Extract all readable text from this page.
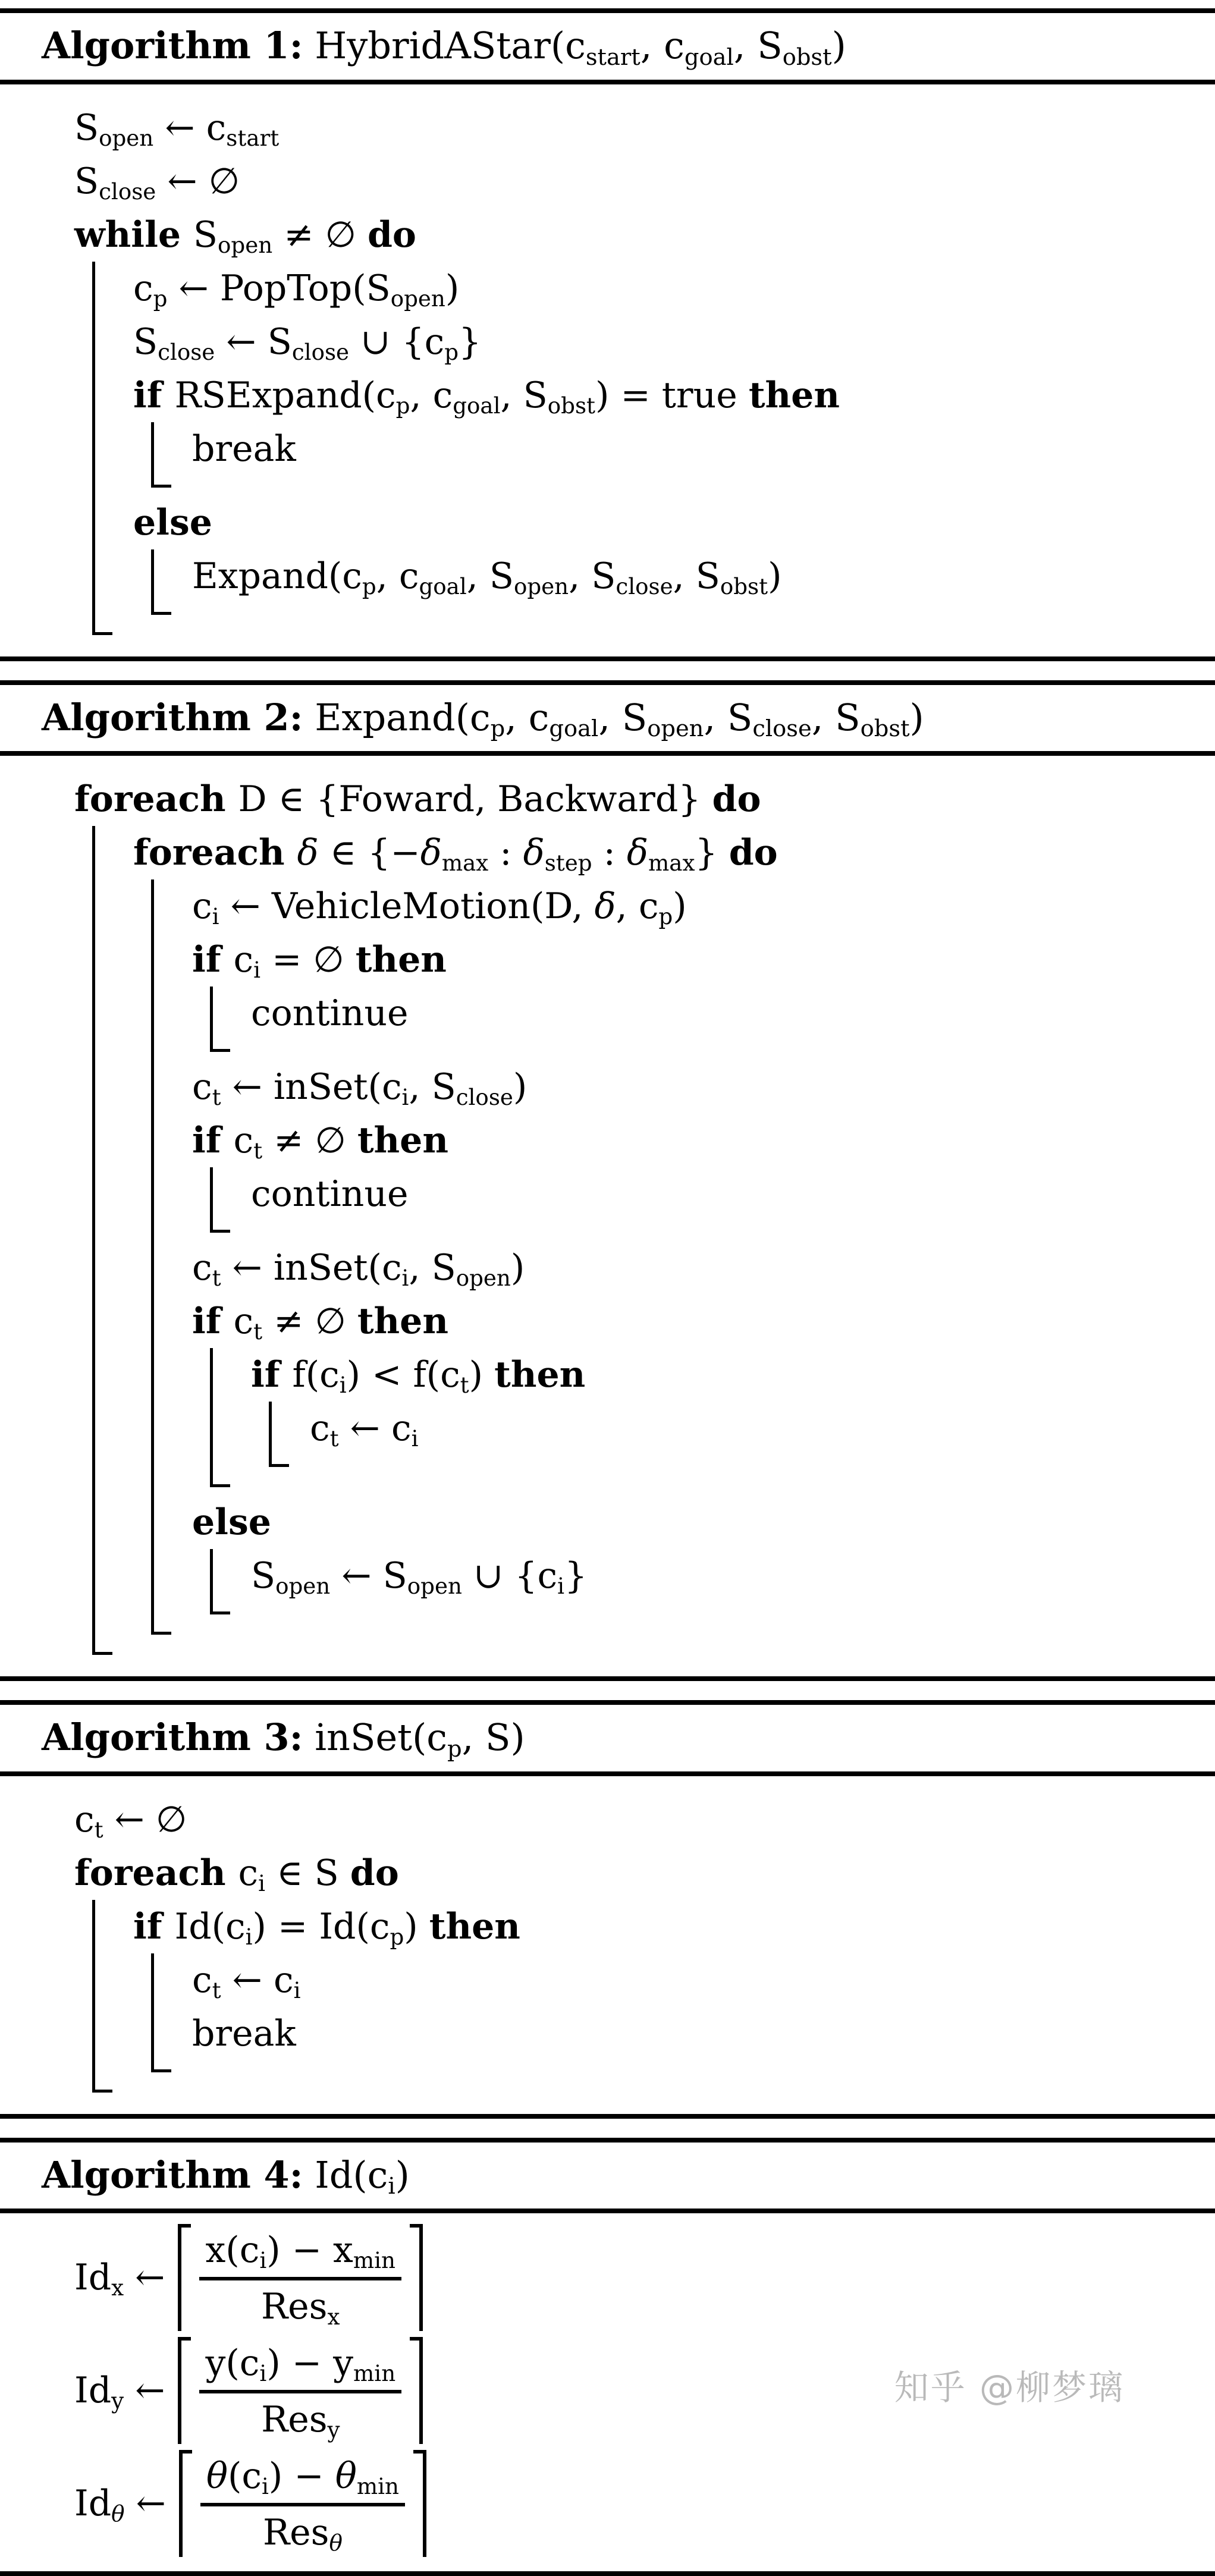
Algorithm 1: $HybridAStar(c_{start}$, $c_{goal}$, $S_{obst}$)
$S_{open}$ ← $c_{start}$
$S_{close}$ ← ∅
while $S_{open}$ ≠ ∅ do
$c_p$ ← $PopTop(S_{open})$
$S_{close}$ ← $S_{close}$ ∪ $\{c_p\}$
if $RSExpand(c_p$, $c_{goal}$, $S_{obst}$) = true then
break
else
$Expand(c_p$, $c_{goal}$, $S_{open}$, $S_{close}$, $S_{obst}$)
Algorithm 2: $Expand(c_p$, $c_{goal}$, $S_{open}$, $S_{close}$, $S_{obst}$)
foreach D ∈ {Foward, Backward} do
foreach δ ∈ {$-\delta_{max}$ : $\delta_{step}$ : $\delta_{max}$} do
$c_i$ ← VehicleMotion(D, δ, $c_p$)
if $c_i$ = ∅ then
continue
$c_t$ ← $inSet(c_i$, $S_{close}$)
if $c_t$ ≠ ∅ then
continue
$c_t$ ← $inSet(c_i$, $S_{open}$)
if $c_t$ ≠ ∅ then
if $f(c_i) < f(c_t)$ then
$c_t$ ← $c_i$
else
$S_{open}$ ← $S_{open}$ ∪ $\{c_i\}$
Algorithm 3: $inSet(c_p$, S)
$c_t$ ← ∅
foreach $c_i$ ∈ S do
if $Id(c_i) = Id(c_p)$ then
$c_t$ ← $c_i$
break
Algorithm 4: $Id(c_i)$
$Id_x$ ←
$x(c_i) - x_{min}$
Res$_x$
$Id_y$ ←
$y(c_i) - y_{min}$
Res$_y$
$Id_\theta$ ←
$\theta(c_i) - \theta_{min}$
Res$_\theta$
知乎 @柳梦璃
